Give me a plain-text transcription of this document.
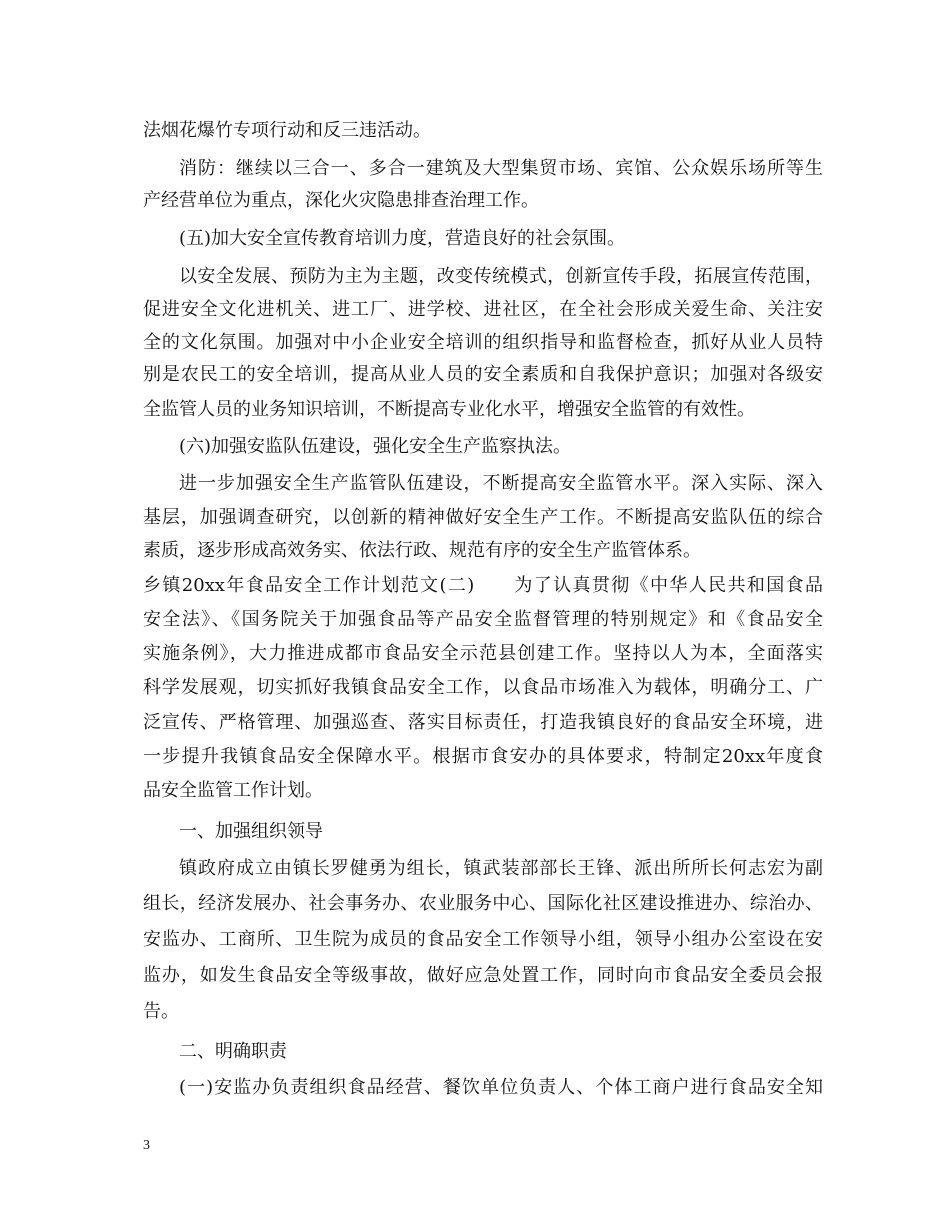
法烟花爆竹专项行动和反三违活动。
消防：继续以三合一、多合一建筑及大型集贸市场、宾馆、公众娱乐场所等生
产经营单位为重点，深化火灾隐患排查治理工作。
(五)加大安全宣传教育培训力度，营造良好的社会氛围。
以安全发展、预防为主为主题，改变传统模式，创新宣传手段，拓展宣传范围，
促进安全文化进机关、进工厂、进学校、进社区，在全社会形成关爱生命、关注安
全的文化氛围。加强对中小企业安全培训的组织指导和监督检查，抓好从业人员特
别是农民工的安全培训，提高从业人员的安全素质和自我保护意识；加强对各级安
全监管人员的业务知识培训，不断提高专业化水平，增强安全监管的有效性。
(六)加强安监队伍建设，强化安全生产监察执法。
进一步加强安全生产监管队伍建设，不断提高安全监管水平。深入实际、深入
基层，加强调查研究，以创新的精神做好安全生产工作。不断提高安监队伍的综合
素质，逐步形成高效务实、依法行政、规范有序的安全生产监管体系。
乡镇20xx年食品安全工作计划范文(二)　　为了认真贯彻《中华人民共和国食品
安全法》、《国务院关于加强食品等产品安全监督管理的特别规定》和《食品安全
实施条例》，大力推进成都市食品安全示范县创建工作。坚持以人为本，全面落实
科学发展观，切实抓好我镇食品安全工作，以食品市场准入为载体，明确分工、广
泛宣传、严格管理、加强巡查、落实目标责任，打造我镇良好的食品安全环境，进
一步提升我镇食品安全保障水平。根据市食安办的具体要求，特制定20xx年度食
品安全监管工作计划。
一、加强组织领导
镇政府成立由镇长罗健勇为组长，镇武装部部长王锋、派出所所长何志宏为副
组长，经济发展办、社会事务办、农业服务中心、国际化社区建设推进办、综治办、
安监办、工商所、卫生院为成员的食品安全工作领导小组，领导小组办公室设在安
监办，如发生食品安全等级事故，做好应急处置工作，同时向市食品安全委员会报
告。
二、明确职责
(一)安监办负责组织食品经营、餐饮单位负责人、个体工商户进行食品安全知
3
